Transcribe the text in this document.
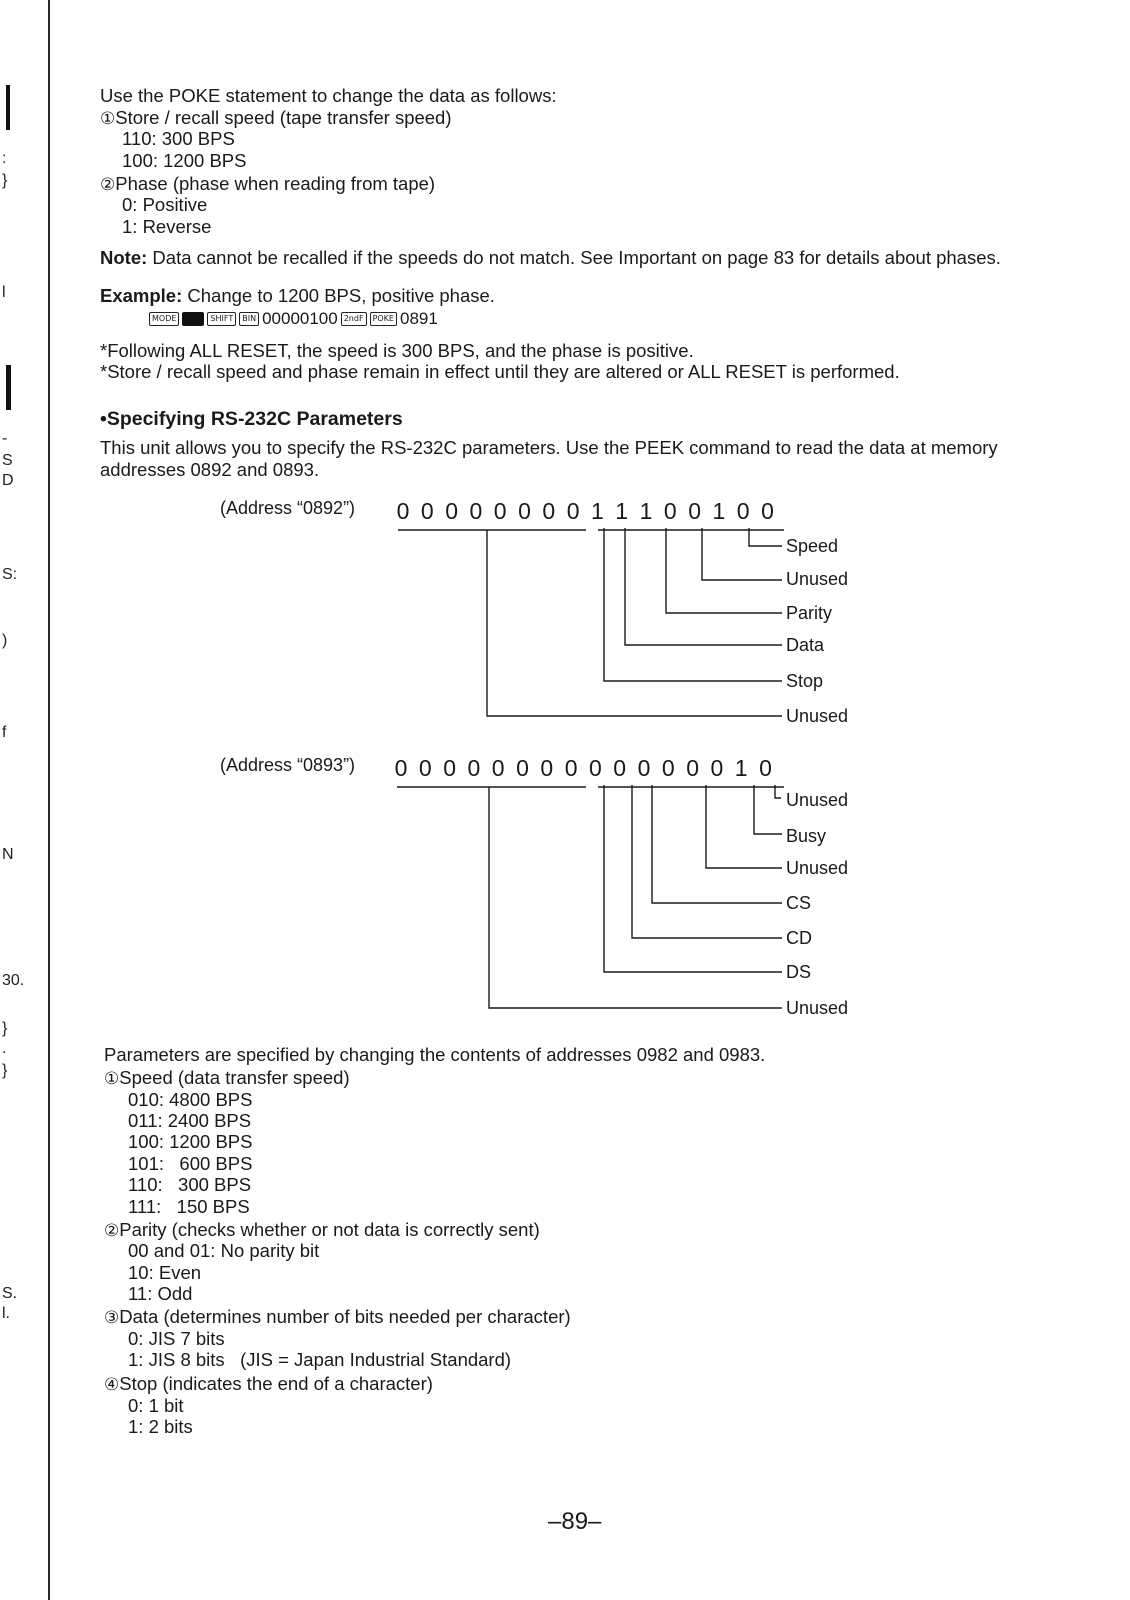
:
}
l
-
S
D
S:
)
f
N
30.
}
.
}
S.
l.
Use the POKE statement to change the data as follows:
①Store / recall speed (tape transfer speed)
110: 300 BPS
100: 1200 BPS
②Phase (phase when reading from tape)
0: Positive
1: Reverse
Note: Data cannot be recalled if the speeds do not match. See Important on page 83 for details about phases.
Example: Change to 1200 BPS, positive phase.
MODE	SHIFT	BIN 00000100 2ndF	POKE 0891
*Following ALL RESET, the speed is 300 BPS, and the phase is positive.
*Store / recall speed and phase remain in effect until they are altered or ALL RESET is performed.
•Specifying RS-232C Parameters
This unit allows you to specify the RS-232C parameters. Use the PEEK command to read the data at memory
addresses 0892 and 0893.
(Address “0892”) 0 0 0 0 0 0 0 0 1 1 1 0 0 1 0 0
Speed
Unused
Parity
Data
Stop
Unused
(Address “0893”) 0 0 0 0 0 0 0 0 0 0 0 0 0 0 1 0
Unused
Busy
Unused
CS
CD
DS
Unused
Parameters are specified by changing the contents of addresses 0982 and 0983.
①Speed (data transfer speed)
010: 4800 BPS
011: 2400 BPS
100: 1200 BPS
101:   600 BPS
110:   300 BPS
111:   150 BPS
②Parity (checks whether or not data is correctly sent)
00 and 01: No parity bit
10: Even
11: Odd
③Data (determines number of bits needed per character)
0: JIS 7 bits
1: JIS 8 bits   (JIS = Japan Industrial Standard)
④Stop (indicates the end of a character)
0: 1 bit
1: 2 bits
–89–
